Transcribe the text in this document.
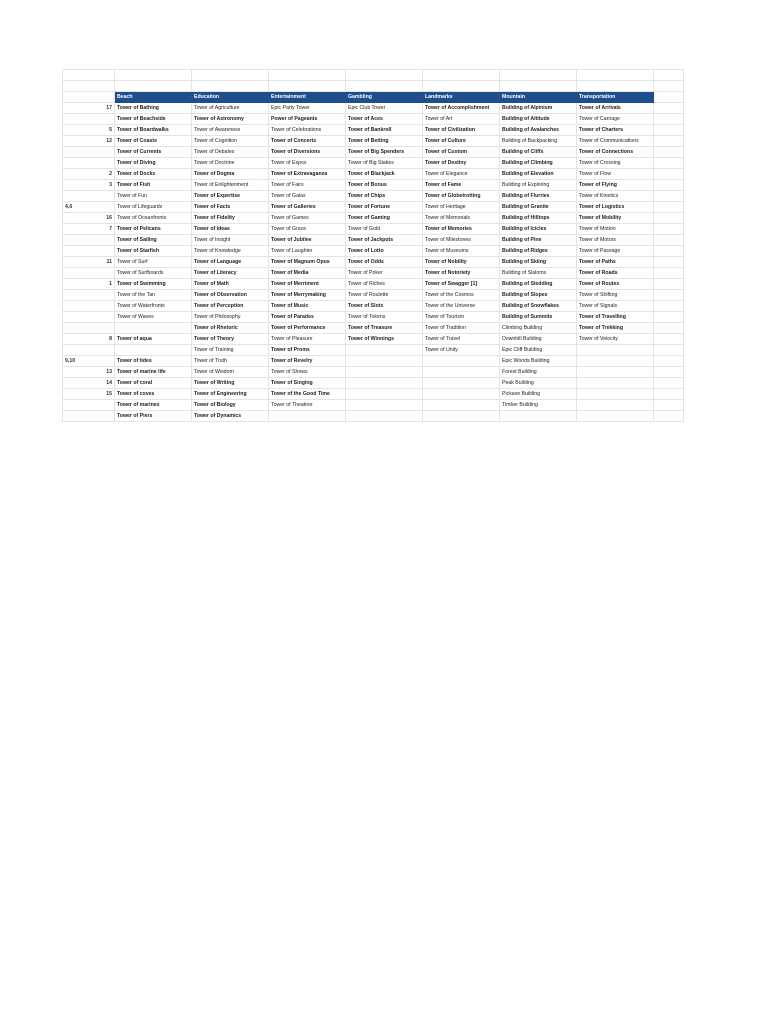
	Beach	Education	Entertainment	Gambling	Landmarks	Mountain	Transportation	
17	Tower of Bathing	Tower of Agriculture	Epic Party Tower	Epic Club Tower	Tower of Accomplishment	Building of Alpinism	Tower of Arrivals	
	Tower of Beachside	Tower of Astronomy	Power of Pageants	Tower of Aces	Tower of Art	Building of Altitude	Tower of Carriage	
5	Tower of Boardwalks	Tower of Awareness	Tower of Celebrations	Tower of Bankroll	Tower of Civilization	Building of Avalanches	Tower of Charters	
12	Tower of Coasts	Tower of Cognition	Tower of Concerts	Tower of Betting	Tower of Culture	Building of Backpacking	Tower of Communications	
	Tower of Currents	Tower of Debates	Tower of Diversions	Tower of Big Spenders	Tower of Custom	Building of Cliffs	Tower of Connections	
	Tower of Diving	Tower of Doctrine	Tower of Expos	Tower of Big Stakes	Tower of Destiny	Building of Climbing	Tower of Crossing	
2	Tower of Docks	Tower of Dogma	Tower of Extravaganza	Tower of Blackjack	Tower of Elegance	Building of Elevation	Tower of Flow	
3	Tower of Fish	Tower of Enlightenment	Tower of Fairs	Tower of Bonus	Tower of Fame	Building of Exploring	Tower of Flying	
	Tower of Fun	Tower of Expertise	Tower of Galas	Tower of Chips	Tower of Globetrotting	Building of Flurries	Tower of Kinetics	
4,6	Tower of Lifeguards	Tower of Facts	Tower of Galleries	Tower of Fortune	Tower of Heritage	Building of Granite	Tower of Logistics	
16	Tower of Oceanfronts	Tower of Fidelity	Tower of Games	Tower of Gaming	Tower of Memorials	Building of Hilltops	Tower of Mobility	
7	Tower of Pelicans	Tower of Ideas	Tower of Grace	Tower of Gold	Tower of Memories	Building of Icicles	Tower of Motion	
	Tower of Sailing	Tower of Insight	Tower of Jubilee	Tower of Jackpots	Tower of Milestones	Building of Pine	Tower of Motors	
	Tower of Starfish	Tower of Knowledge	Tower of Laughter	Tower of Lotto	Tower of Museums	Building of Ridges	Tower of Passage	
11	Tower of Surf	Tower of Language	Tower of Magnum Opus	Tower of Odds	Tower of Nobility	Building of Skiing	Tower of Paths	
	Tower of Surfboards	Tower of Literacy	Tower of Media	Tower of Poker	Tower of Notoriety	Building of Slaloms	Tower of Roads	
1	Tower of Swimming	Tower of Math	Tower of Merriment	Tower of Riches	Tower of Swagger [1]	Building of Sledding	Tower of Routes	
	Tower of the Tan	Tower of Observation	Tower of Merrymaking	Tower of Roulette	Tower of the Cosmos	Building of Slopes	Tower of Shifting	
	Tower of Waterfronts	Tower of Perception	Tower of Music	Tower of Slots	Tower of the Universe	Building of Snowflakes	Tower of Signals	
	Tower of Waves	Tower of Philosophy	Tower of Parades	Tower of Tokens	Tower of Tourism	Building of Summits	Tower of Travelling	
		Tower of Rhetoric	Tower of Performance	Tower of Treasure	Tower of Tradition	Climbing Building	Tower of Trekking	
8	Tower of aqua	Tower of Theory	Tower of Pleasure	Tower of Winnings	Tower of Travel	Downhill Building	Tower of Velocity	
		Tower of Training	Tower of Proms		Tower of Unity	Epic Cliff Building		
9,10	Tower of tides	Tower of Truth	Tower of Revelry			Epic Woods Building		
13	Tower of marine life	Tower of Wisdom	Tower of Shows			Forest Building		
14	Tower of coral	Tower of Writing	Tower of Singing			Peak Building		
15	Tower of coves	Tower of Engineering	Tower of the Good Time			Pickaxe Building		
	Tower of marines	Tower of Biology	Tower of Theatres			Timber Building		
	Tower of Piers	Tower of Dynamics						
